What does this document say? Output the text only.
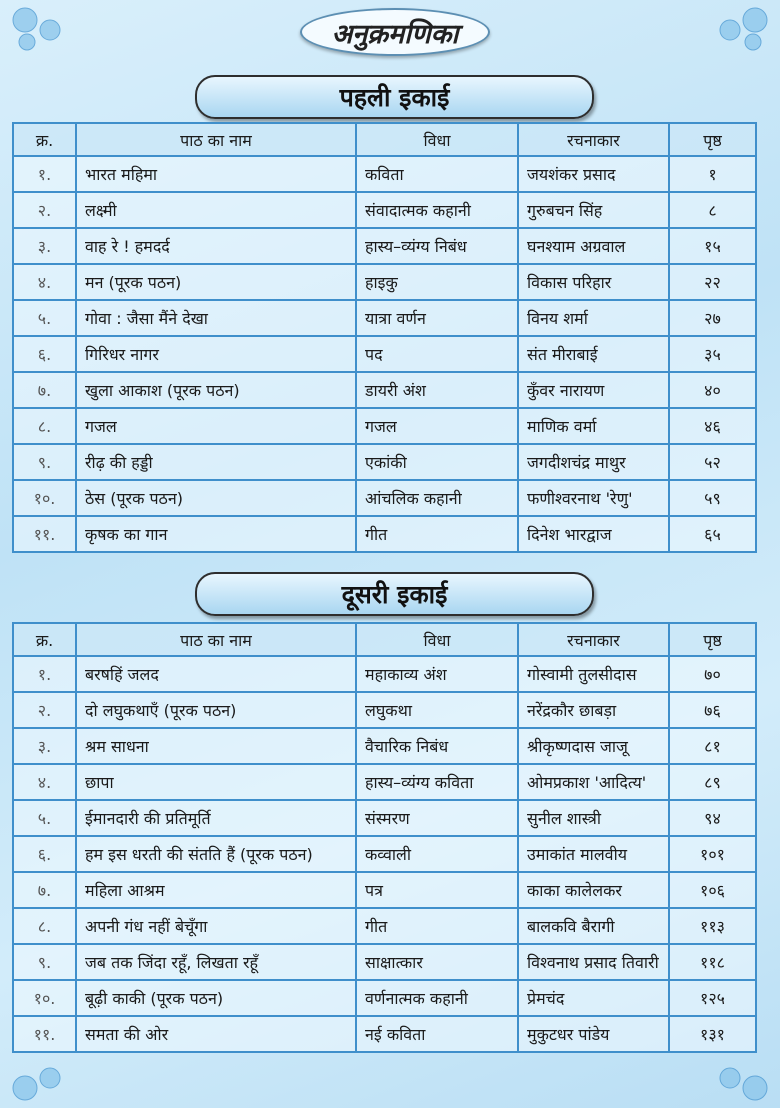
अनुक्रमणिका
पहली इकाई
क्र.	पाठ का नाम	विधा	रचनाकार	पृष्ठ
१.	भारत महिमा	कविता	जयशंकर प्रसाद	१
२.	लक्ष्मी	संवादात्मक कहानी	गुरुबचन सिंह	८
३.	वाह रे ! हमदर्द	हास्य–व्यंग्य निबंध	घनश्याम अग्रवाल	१५
४.	मन (पूरक पठन)	हाइकु	विकास परिहार	२२
५.	गोवा : जैसा मैंने देखा	यात्रा वर्णन	विनय शर्मा	२७
६.	गिरिधर नागर	पद	संत मीराबाई	३५
७.	खुला आकाश (पूरक पठन)	डायरी अंश	कुँवर नारायण	४०
८.	गजल	गजल	माणिक वर्मा	४६
९.	रीढ़ की हड्डी	एकांकी	जगदीशचंद्र माथुर	५२
१०.	ठेस (पूरक पठन)	आंचलिक कहानी	फणीश्वरनाथ 'रेणु'	५९
११.	कृषक का गान	गीत	दिनेश भारद्वाज	६५
दूसरी इकाई
क्र.	पाठ का नाम	विधा	रचनाकार	पृष्ठ
१.	बरषहिं जलद	महाकाव्य अंश	गोस्वामी तुलसीदास	७०
२.	दो लघुकथाएँ (पूरक पठन)	लघुकथा	नरेंद्रकौर छाबड़ा	७६
३.	श्रम साधना	वैचारिक निबंध	श्रीकृष्णदास जाजू	८१
४.	छापा	हास्य–व्यंग्य कविता	ओमप्रकाश 'आदित्य'	८९
५.	ईमानदारी की प्रतिमूर्ति	संस्मरण	सुनील शास्त्री	९४
६.	हम इस धरती की संतति हैं (पूरक पठन)	कव्वाली	उमाकांत मालवीय	१०१
७.	महिला आश्रम	पत्र	काका कालेलकर	१०६
८.	अपनी गंध नहीं बेचूँगा	गीत	बालकवि बैरागी	११३
९.	जब तक जिंदा रहूँ, लिखता रहूँ	साक्षात्कार	विश्वनाथ प्रसाद तिवारी	११८
१०.	बूढ़ी काकी (पूरक पठन)	वर्णनात्मक कहानी	प्रेमचंद	१२५
११.	समता की ओर	नई कविता	मुकुटधर पांडेय	१३१
